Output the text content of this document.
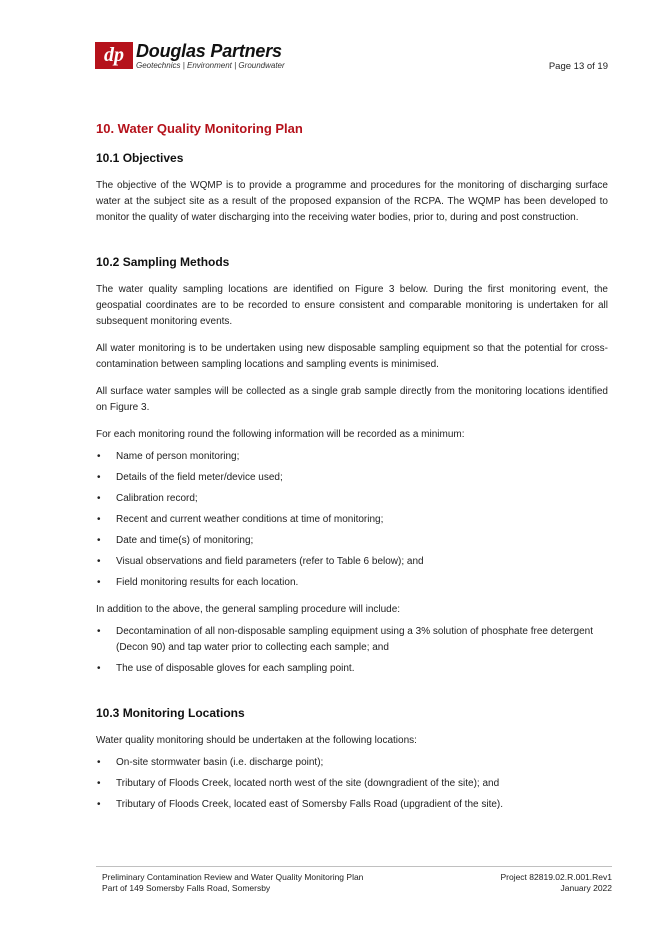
dp Douglas Partners
Geotechnics | Environment | Groundwater	Page 13 of 19
10. Water Quality Monitoring Plan
10.1 Objectives

The objective of the WQMP is to provide a programme and procedures for the monitoring of discharging surface water at the subject site as a result of the proposed expansion of the RCPA. The WQMP has been developed to monitor the quality of water discharging into the receiving water bodies, prior to, during and post construction.

10.2 Sampling Methods

The water quality sampling locations are identified on Figure 3 below. During the first monitoring event, the geospatial coordinates are to be recorded to ensure consistent and comparable monitoring is undertaken for all subsequent monitoring events.

All water monitoring is to be undertaken using new disposable sampling equipment so that the potential for cross-contamination between sampling locations and sampling events is minimised.

All surface water samples will be collected as a single grab sample directly from the monitoring locations identified on Figure 3.

For each monitoring round the following information will be recorded as a minimum:

• Name of person monitoring;
• Details of the field meter/device used;
• Calibration record;
• Recent and current weather conditions at time of monitoring;
• Date and time(s) of monitoring;
• Visual observations and field parameters (refer to Table 6 below); and
• Field monitoring results for each location.

In addition to the above, the general sampling procedure will include:

• Decontamination of all non-disposable sampling equipment using a 3% solution of phosphate free detergent (Decon 90) and tap water prior to collecting each sample; and
• The use of disposable gloves for each sampling point.
10.3 Monitoring Locations

Water quality monitoring should be undertaken at the following locations:

• On-site stormwater basin (i.e. discharge point);
• Tributary of Floods Creek, located north west of the site (downgradient of the site); and
• Tributary of Floods Creek, located east of Somersby Falls Road (upgradient of the site).
Preliminary Contamination Review and Water Quality Monitoring Plan
Part of 149 Somersby Falls Road, Somersby
Project 82819.02.R.001.Rev1
January 2022
